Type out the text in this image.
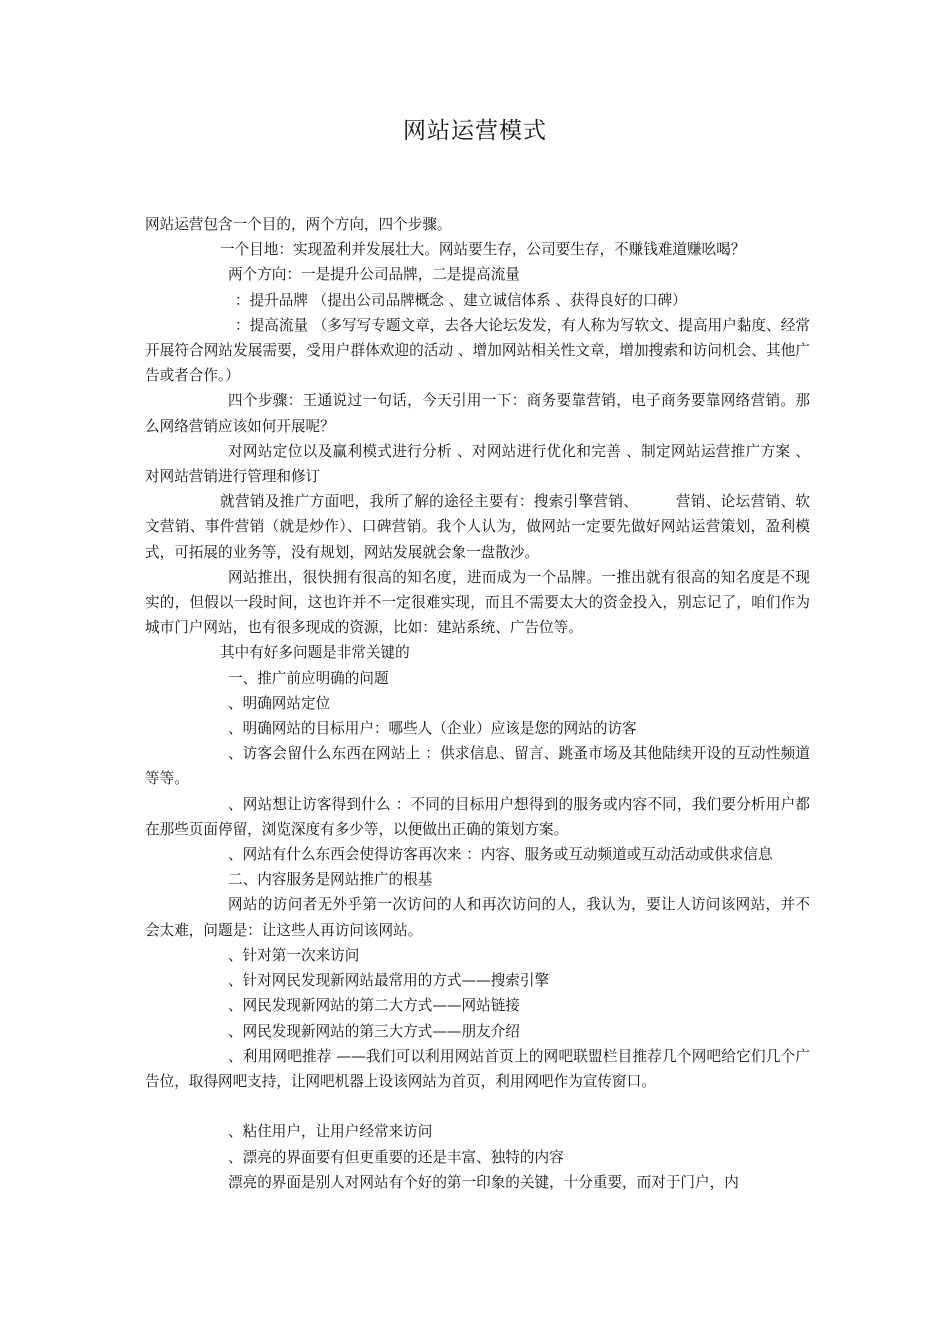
网站运营模式

网站运营包含一个目的，两个方向，四个步骤。

一个目地：实现盈利并发展壮大。网站要生存，公司要生存，不赚钱难道赚吆喝？

两个方向：一是提升公司品牌，二是提高流量

：提升品牌 （提出公司品牌概念 、建立诚信体系 、获得良好的口碑）

：提高流量 （多写写专题文章，去各大论坛发发，有人称为写软文、提高用户黏度、经常开展符合网站发展需要，受用户群体欢迎的活动 、增加网站相关性文章，增加搜索和访问机会、其他广告或者合作。）

四个步骤：王通说过一句话，今天引用一下：商务要靠营销，电子商务要靠网络营销。那么网络营销应该如何开展呢？

对网站定位以及赢利模式进行分析 、对网站进行优化和完善 、制定网站运营推广方案 、对网站营销进行管理和修订

就营销及推广方面吧，我所了解的途径主要有：搜索引擎营销、　　　营销、论坛营销、软文营销、事件营销（就是炒作）、口碑营销。我个人认为，做网站一定要先做好网站运营策划，盈利模式，可拓展的业务等，没有规划，网站发展就会象一盘散沙。

网站推出，很快拥有很高的知名度，进而成为一个品牌。一推出就有很高的知名度是不现实的，但假以一段时间，这也许并不一定很难实现，而且不需要太大的资金投入，别忘记了，咱们作为城市门户网站，也有很多现成的资源，比如：建站系统、广告位等。

其中有好多问题是非常关键的

一、推广前应明确的问题

、明确网站定位

、明确网站的目标用户：哪些人（企业）应该是您的网站的访客

、访客会留什么东西在网站上 ：供求信息、留言、跳蚤市场及其他陆续开设的互动性频道等等。

、网站想让访客得到什么 ：不同的目标用户想得到的服务或内容不同，我们要分析用户都在那些页面停留，浏览深度有多少等，以便做出正确的策划方案。

、网站有什么东西会使得访客再次来 ：内容、服务或互动频道或互动活动或供求信息

二、内容服务是网站推广的根基

网站的访问者无外乎第一次访问的人和再次访问的人，我认为，要让人访问该网站，并不会太难，问题是：让这些人再访问该网站。

、针对第一次来访问

、针对网民发现新网站最常用的方式——搜索引擎

、网民发现新网站的第二大方式——网站链接

、网民发现新网站的第三大方式——朋友介绍

、利用网吧推荐 ——我们可以利用网站首页上的网吧联盟栏目推荐几个网吧给它们几个广告位，取得网吧支持，让网吧机器上设该网站为首页，利用网吧作为宣传窗口。

、粘住用户，让用户经常来访问

、漂亮的界面要有但更重要的还是丰富、独特的内容

漂亮的界面是别人对网站有个好的第一印象的关键，十分重要，而对于门户，内
